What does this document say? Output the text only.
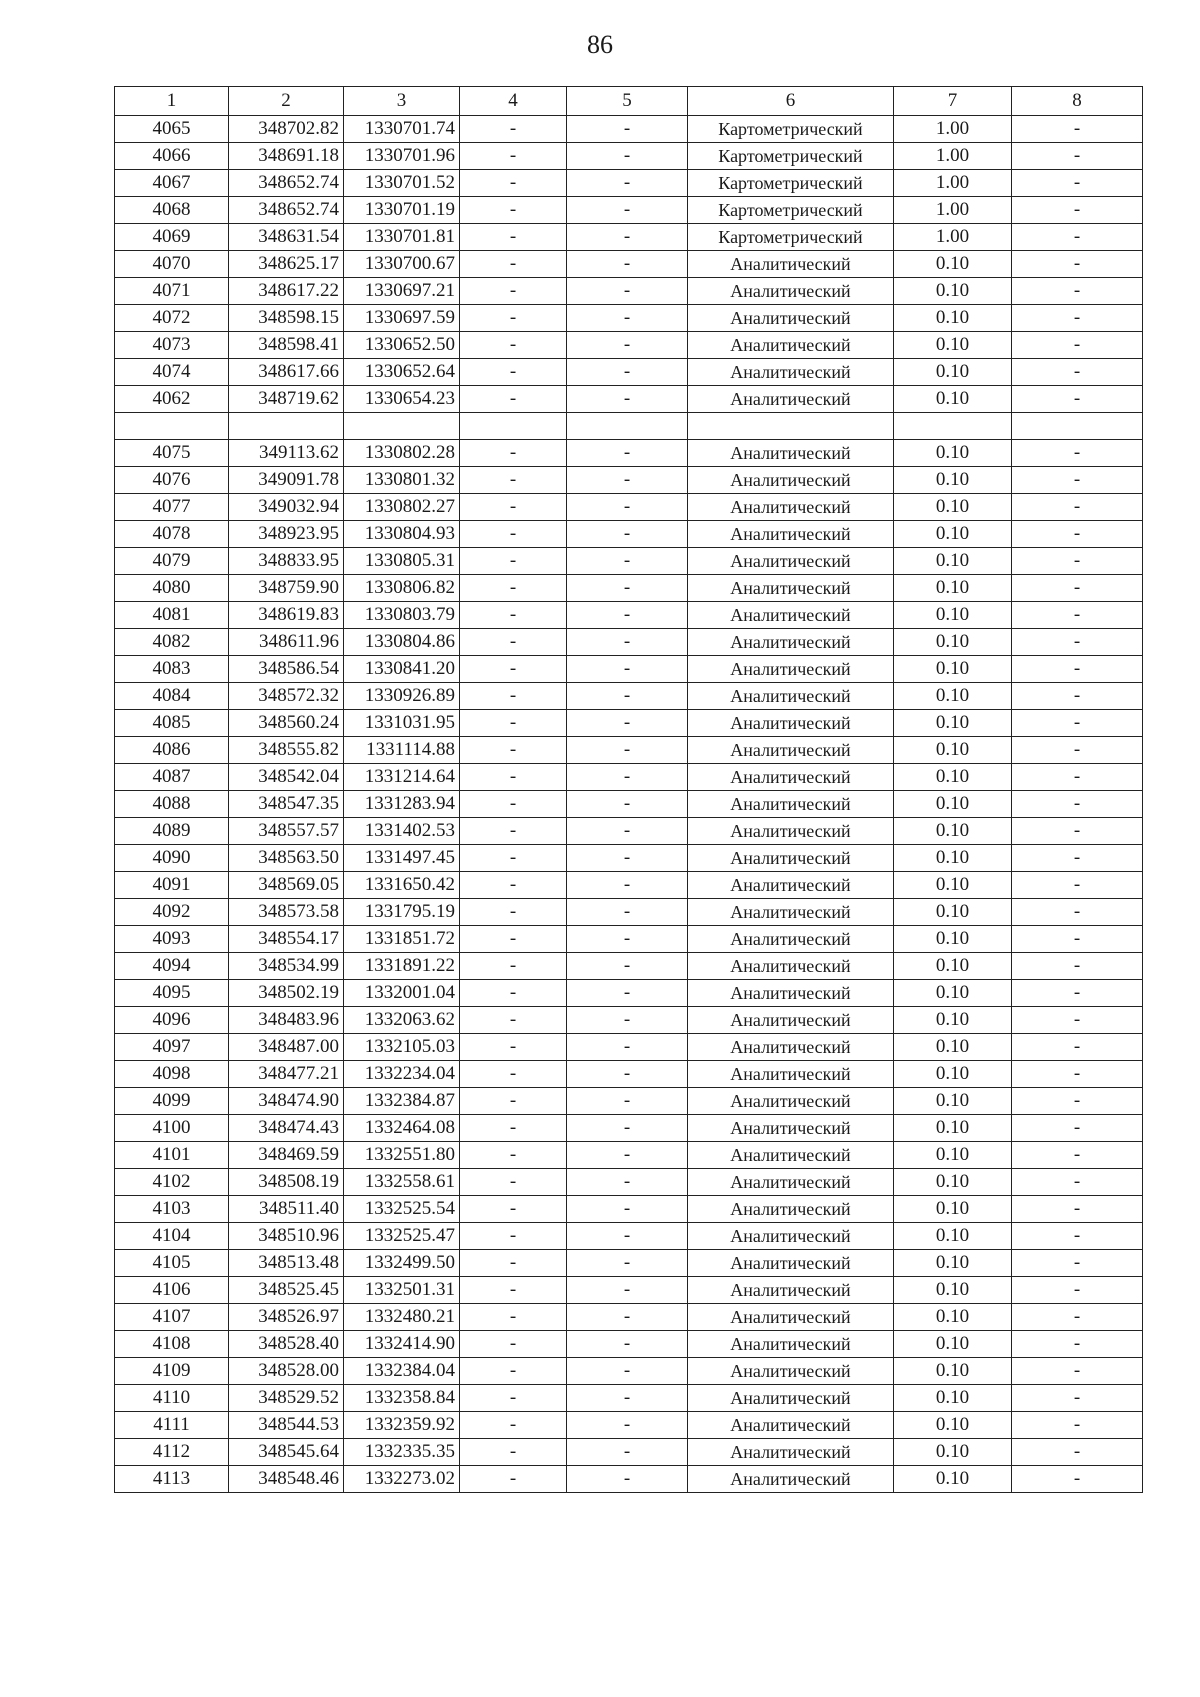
86
1	2	3	4	5	6	7	8
4065	348702.82	1330701.74	-	-	Картометрический	1.00	-
4066	348691.18	1330701.96	-	-	Картометрический	1.00	-
4067	348652.74	1330701.52	-	-	Картометрический	1.00	-
4068	348652.74	1330701.19	-	-	Картометрический	1.00	-
4069	348631.54	1330701.81	-	-	Картометрический	1.00	-
4070	348625.17	1330700.67	-	-	Аналитический	0.10	-
4071	348617.22	1330697.21	-	-	Аналитический	0.10	-
4072	348598.15	1330697.59	-	-	Аналитический	0.10	-
4073	348598.41	1330652.50	-	-	Аналитический	0.10	-
4074	348617.66	1330652.64	-	-	Аналитический	0.10	-
4062	348719.62	1330654.23	-	-	Аналитический	0.10	-

4075	349113.62	1330802.28	-	-	Аналитический	0.10	-
4076	349091.78	1330801.32	-	-	Аналитический	0.10	-
4077	349032.94	1330802.27	-	-	Аналитический	0.10	-
4078	348923.95	1330804.93	-	-	Аналитический	0.10	-
4079	348833.95	1330805.31	-	-	Аналитический	0.10	-
4080	348759.90	1330806.82	-	-	Аналитический	0.10	-
4081	348619.83	1330803.79	-	-	Аналитический	0.10	-
4082	348611.96	1330804.86	-	-	Аналитический	0.10	-
4083	348586.54	1330841.20	-	-	Аналитический	0.10	-
4084	348572.32	1330926.89	-	-	Аналитический	0.10	-
4085	348560.24	1331031.95	-	-	Аналитический	0.10	-
4086	348555.82	1331114.88	-	-	Аналитический	0.10	-
4087	348542.04	1331214.64	-	-	Аналитический	0.10	-
4088	348547.35	1331283.94	-	-	Аналитический	0.10	-
4089	348557.57	1331402.53	-	-	Аналитический	0.10	-
4090	348563.50	1331497.45	-	-	Аналитический	0.10	-
4091	348569.05	1331650.42	-	-	Аналитический	0.10	-
4092	348573.58	1331795.19	-	-	Аналитический	0.10	-
4093	348554.17	1331851.72	-	-	Аналитический	0.10	-
4094	348534.99	1331891.22	-	-	Аналитический	0.10	-
4095	348502.19	1332001.04	-	-	Аналитический	0.10	-
4096	348483.96	1332063.62	-	-	Аналитический	0.10	-
4097	348487.00	1332105.03	-	-	Аналитический	0.10	-
4098	348477.21	1332234.04	-	-	Аналитический	0.10	-
4099	348474.90	1332384.87	-	-	Аналитический	0.10	-
4100	348474.43	1332464.08	-	-	Аналитический	0.10	-
4101	348469.59	1332551.80	-	-	Аналитический	0.10	-
4102	348508.19	1332558.61	-	-	Аналитический	0.10	-
4103	348511.40	1332525.54	-	-	Аналитический	0.10	-
4104	348510.96	1332525.47	-	-	Аналитический	0.10	-
4105	348513.48	1332499.50	-	-	Аналитический	0.10	-
4106	348525.45	1332501.31	-	-	Аналитический	0.10	-
4107	348526.97	1332480.21	-	-	Аналитический	0.10	-
4108	348528.40	1332414.90	-	-	Аналитический	0.10	-
4109	348528.00	1332384.04	-	-	Аналитический	0.10	-
4110	348529.52	1332358.84	-	-	Аналитический	0.10	-
4111	348544.53	1332359.92	-	-	Аналитический	0.10	-
4112	348545.64	1332335.35	-	-	Аналитический	0.10	-
4113	348548.46	1332273.02	-	-	Аналитический	0.10	-
